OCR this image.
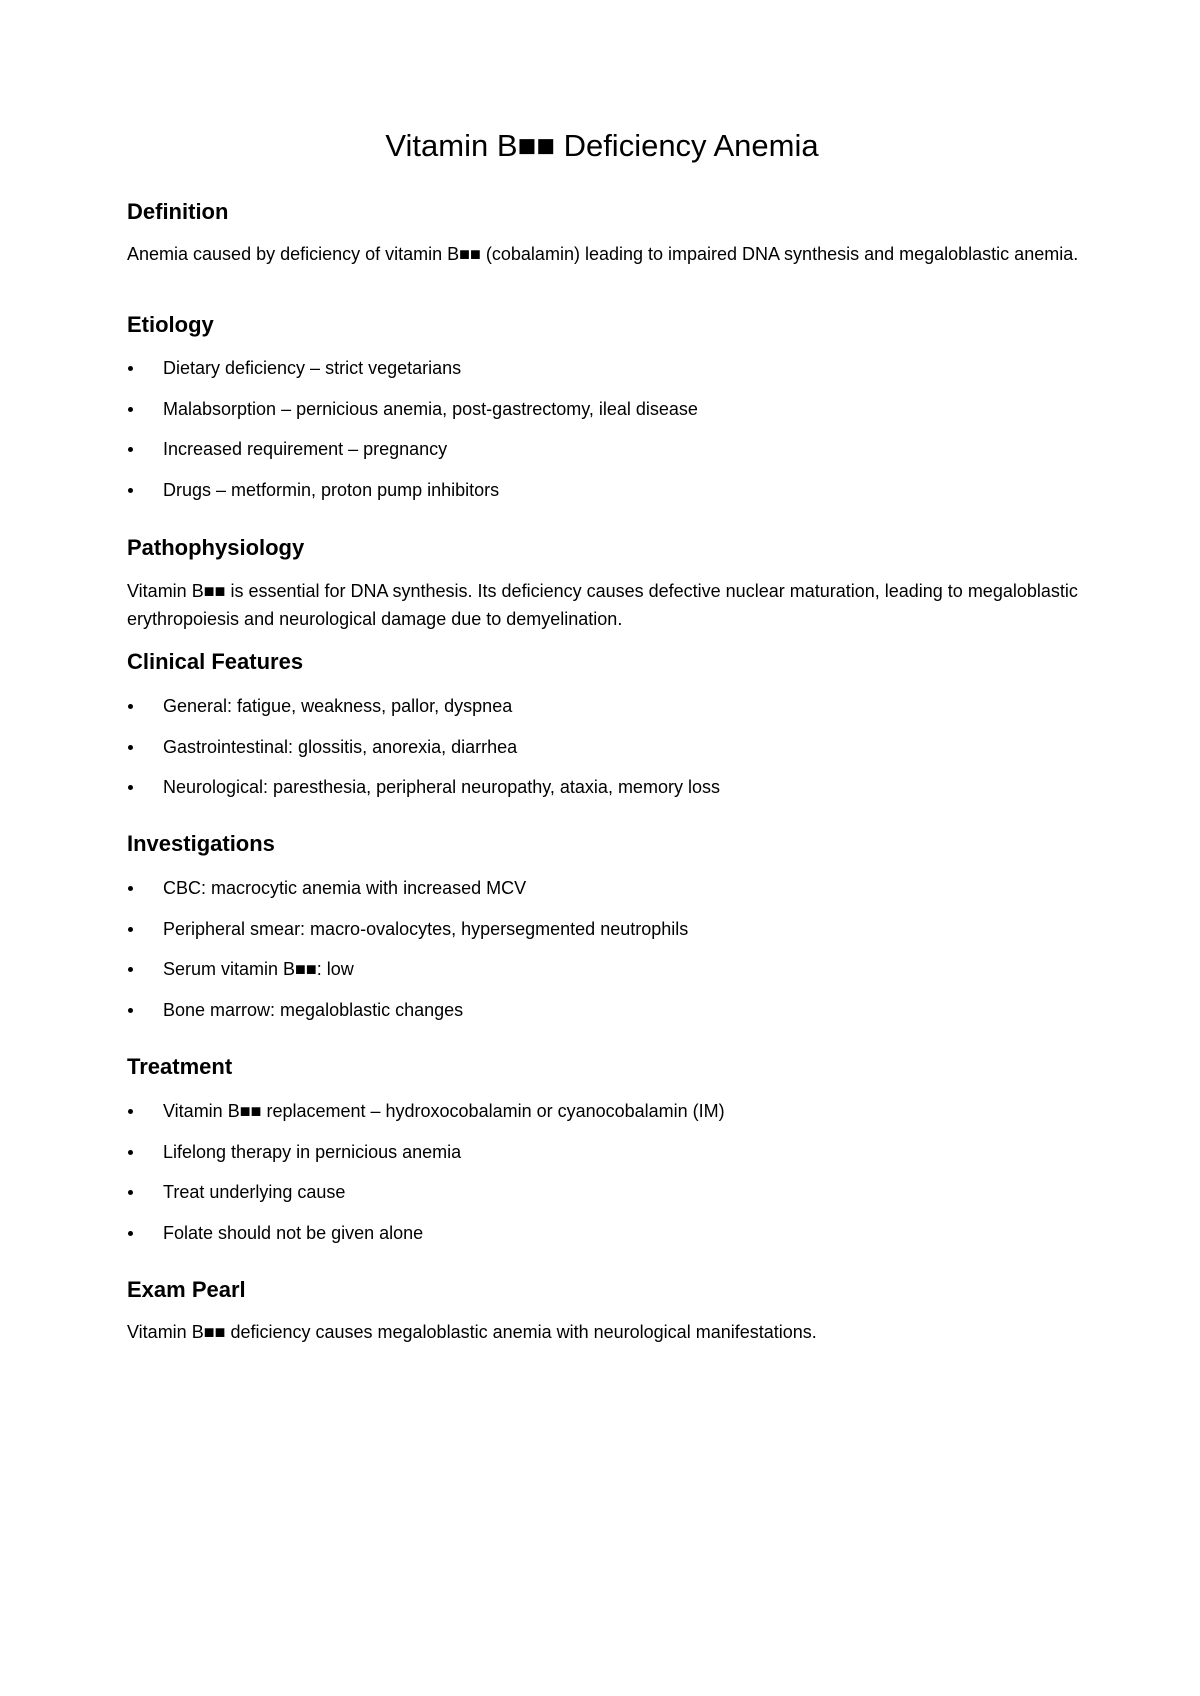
Vitamin B■■ Deficiency Anemia
Definition

Anemia caused by deficiency of vitamin B■■ (cobalamin) leading to impaired DNA synthesis and megaloblastic anemia.

Etiology
Dietary deficiency – strict vegetarians
Malabsorption – pernicious anemia, post-gastrectomy, ileal disease
Increased requirement – pregnancy
Drugs – metformin, proton pump inhibitors
Pathophysiology

Vitamin B■■ is essential for DNA synthesis. Its deficiency causes defective nuclear maturation, leading to megaloblastic erythropoiesis and neurological damage due to demyelination.

Clinical Features
General: fatigue, weakness, pallor, dyspnea
Gastrointestinal: glossitis, anorexia, diarrhea
Neurological: paresthesia, peripheral neuropathy, ataxia, memory loss
Investigations
CBC: macrocytic anemia with increased MCV
Peripheral smear: macro-ovalocytes, hypersegmented neutrophils
Serum vitamin B■■: low
Bone marrow: megaloblastic changes
Treatment
Vitamin B■■ replacement – hydroxocobalamin or cyanocobalamin (IM)
Lifelong therapy in pernicious anemia
Treat underlying cause
Folate should not be given alone
Exam Pearl

Vitamin B■■ deficiency causes megaloblastic anemia with neurological manifestations.
